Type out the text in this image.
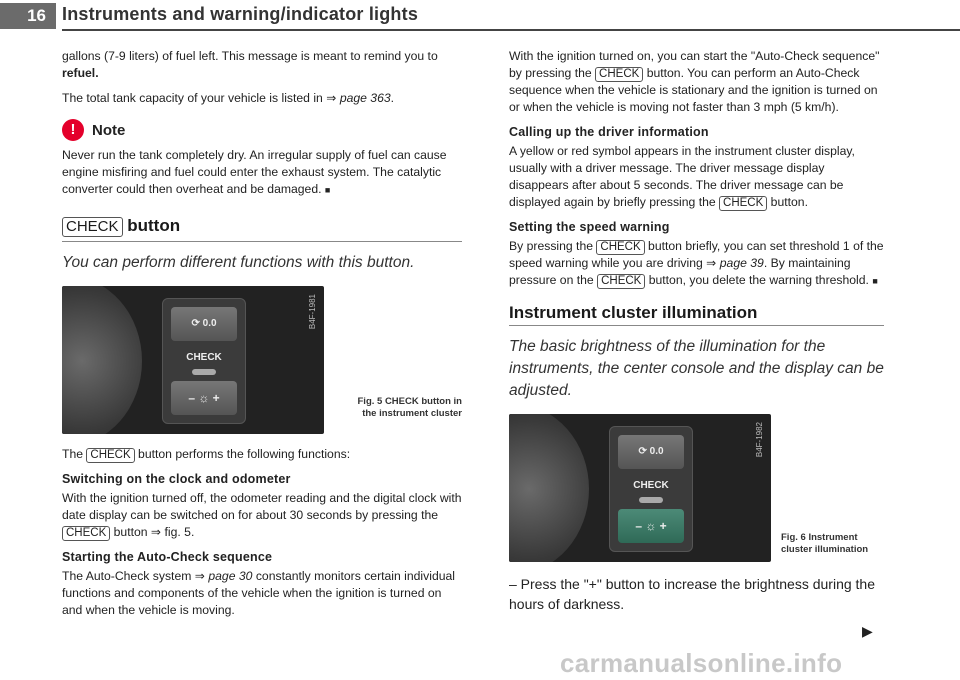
16 Instruments and warning/indicator lights

gallons (7-9 liters) of fuel left. This message is meant to remind you to refuel.

The total tank capacity of your vehicle is listed in ⇒ page 363.

!	Note

Never run the tank completely dry. An irregular supply of fuel can cause engine misfiring and fuel could enter the exhaust system. The catalytic converter could then overheat and be damaged. ■

CHECK button
You can perform different functions with this button.
⟳ 0.0
CHECK
– ☼ +
B4F-1981
Fig. 5 CHECK button in the instrument cluster

The CHECK button performs the following functions:

Switching on the clock and odometer

With the ignition turned off, the odometer reading and the digital clock with date display can be switched on for about 30 seconds by pressing the CHECK button ⇒ fig. 5.

Starting the Auto-Check sequence

The Auto-Check system ⇒ page 30 constantly monitors certain individual functions and components of the vehicle when the ignition is turned on and when the vehicle is moving.

With the ignition turned on, you can start the "Auto-Check sequence" by pressing the CHECK button. You can perform an Auto-Check sequence when the vehicle is stationary and the ignition is turned on or when the vehicle is moving not faster than 3 mph (5 km/h).

Calling up the driver information

A yellow or red symbol appears in the instrument cluster display, usually with a driver message. The driver message display disappears after about 5 seconds. The driver message can be displayed again by briefly pressing the CHECK button.

Setting the speed warning

By pressing the CHECK button briefly, you can set threshold 1 of the speed warning while you are driving ⇒ page 39. By maintaining pressure on the CHECK button, you delete the warning threshold. ■

Instrument cluster illumination
The basic brightness of the illumination for the instruments, the center console and the display can be adjusted.
⟳ 0.0
CHECK
– ☼ +
B4F-1982
Fig. 6 Instrument cluster illumination
– Press the "+" button to increase the brightness during the hours of darkness.
▶
carmanualsonline.info
